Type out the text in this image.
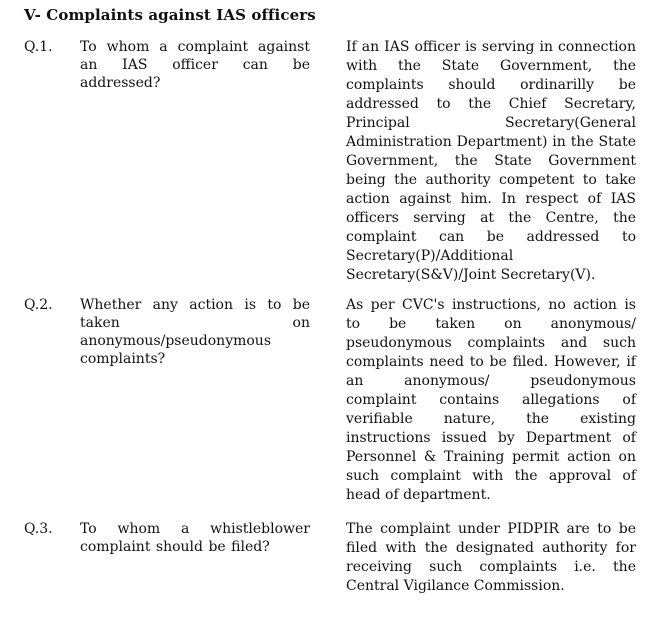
V- Complaints against IAS officers
Q.1. To whom a complaint against an IAS officer can be addressed?
If an IAS officer is serving in connection with the State Government, the complaints should ordinarilly be addressed to the Chief Secretary, Principal Secretary(General Administration Department) in the State Government, the State Government being the authority competent to take action against him. In respect of IAS officers serving at the Centre, the complaint can be addressed to Secretary(P)/Additional Secretary(S&V)/Joint Secretary(V).
Q.2. Whether any action is to be taken on anonymous/pseudonymous complaints?
As per CVC's instructions, no action is to be taken on anonymous/ pseudonymous complaints and such complaints need to be filed. However, if an anonymous/ pseudonymous complaint contains allegations of verifiable nature, the existing instructions issued by Department of Personnel & Training permit action on such complaint with the approval of head of department.
Q.3. To whom a whistleblower complaint should be filed?
The complaint under PIDPIR are to be filed with the designated authority for receiving such complaints i.e. the Central Vigilance Commission.
